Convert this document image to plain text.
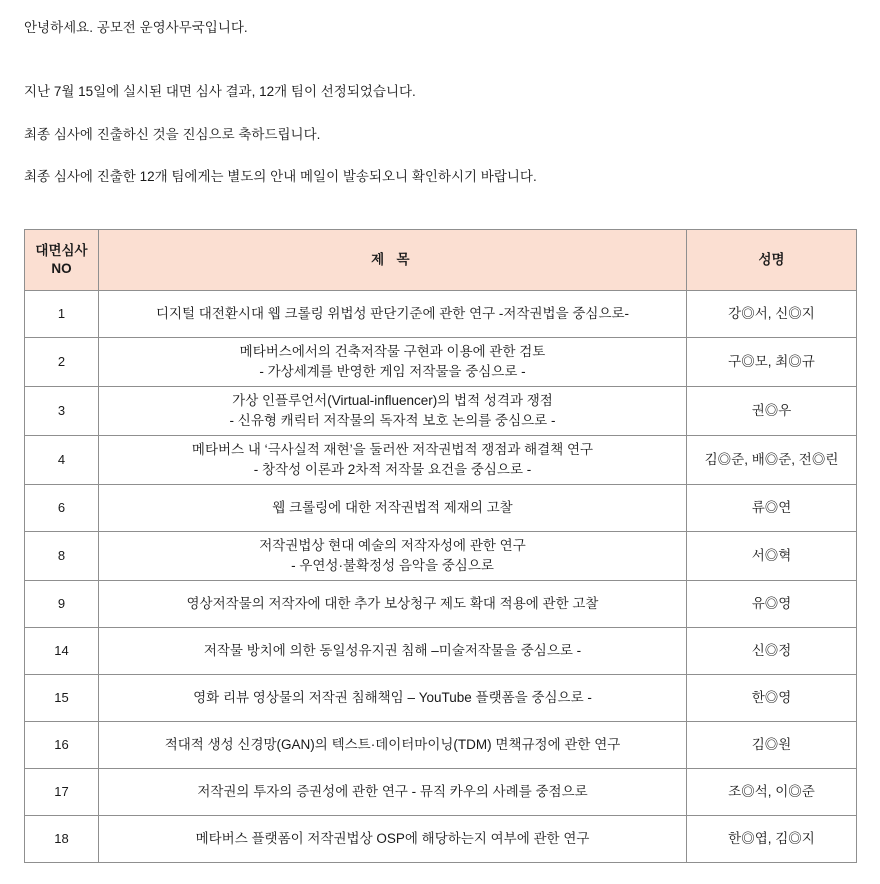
안녕하세요. 공모전 운영사무국입니다.

지난 7월 15일에 실시된 대면 심사 결과, 12개 팀이 선정되었습니다.

최종 심사에 진출하신 것을 진심으로 축하드립니다.

최종 심사에 진출한 12개 팀에게는 별도의 안내 메일이 발송되오니 확인하시기 바랍니다.

대면심사
NO	제 목	성명
1	디지털 대전환시대 웹 크롤링 위법성 판단기준에 관한 연구 -저작권법을 중심으로-	강◎서, 신◎지
2	메타버스에서의 건축저작물 구현과 이용에 관한 검토
- 가상세계를 반영한 게임 저작물을 중심으로 -	구◎모, 최◎규
3	가상 인플루언서(Virtual-influencer)의 법적 성격과 쟁점
- 신유형 캐릭터 저작물의 독자적 보호 논의를 중심으로 -	권◎우
4	메타버스 내 ‘극사실적 재현’을 둘러싼 저작권법적 쟁점과 해결책 연구
- 창작성 이론과 2차적 저작물 요건을 중심으로 -	김◎준, 배◎준, 전◎린
6	웹 크롤링에 대한 저작권법적 제재의 고찰	류◎연
8	저작권법상 현대 예술의 저작자성에 관한 연구
- 우연성·불확정성 음악을 중심으로	서◎혁
9	영상저작물의 저작자에 대한 추가 보상청구 제도 확대 적용에 관한 고찰	유◎영
14	저작물 방치에 의한 동일성유지권 침해 –미술저작물을 중심으로 -	신◎정
15	영화 리뷰 영상물의 저작권 침해책임 – YouTube 플랫폼을 중심으로 -	한◎영
16	적대적 생성 신경망(GAN)의 텍스트·데이터마이닝(TDM) 면책규정에 관한 연구	김◎원
17	저작권의 투자의 증권성에 관한 연구 - 뮤직 카우의 사례를 중점으로	조◎석, 이◎준
18	메타버스 플랫폼이 저작권법상 OSP에 해당하는지 여부에 관한 연구	한◎엽, 김◎지
